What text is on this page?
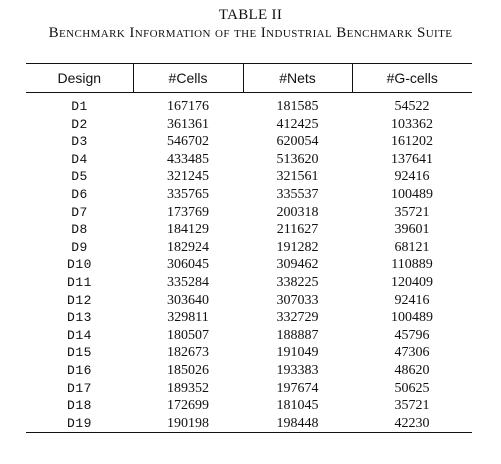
TABLE II
Benchmark Information of the Industrial Benchmark Suite
Design	#Cells	#Nets	#G-cells
D1	167176	181585	54522
D2	361361	412425	103362
D3	546702	620054	161202
D4	433485	513620	137641
D5	321245	321561	92416
D6	335765	335537	100489
D7	173769	200318	35721
D8	184129	211627	39601
D9	182924	191282	68121
D10	306045	309462	110889
D11	335284	338225	120409
D12	303640	307033	92416
D13	329811	332729	100489
D14	180507	188887	45796
D15	182673	191049	47306
D16	185026	193383	48620
D17	189352	197674	50625
D18	172699	181045	35721
D19	190198	198448	42230
